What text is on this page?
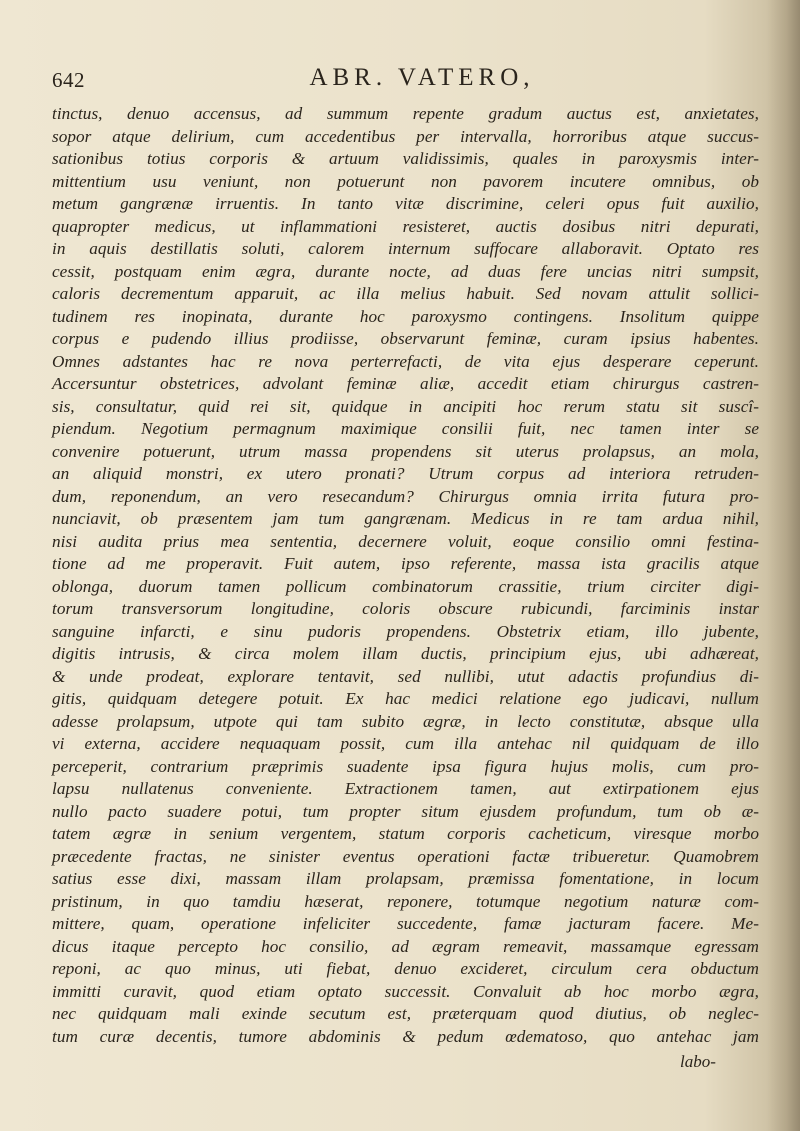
642	ABR. VATERO,
tinctus, denuo accensus, ad summum repente gradum auctus est, anxietates,
sopor atque delirium, cum accedentibus per intervalla, horroribus atque succus-
sationibus totius corporis & artuum validissimis, quales in paroxysmis inter-
mittentium usu veniunt, non potuerunt non pavorem incutere omnibus, ob
metum gangrænæ irruentis. In tanto vitæ discrimine, celeri opus fuit auxilio,
quapropter medicus, ut inflammationi resisteret, auctis dosibus nitri depurati,
in aquis destillatis soluti, calorem internum suffocare allaboravit. Optato res
cessit, postquam enim ægra, durante nocte, ad duas fere uncias nitri sumpsit,
caloris decrementum apparuit, ac illa melius habuit. Sed novam attulit sollici-
tudinem res inopinata, durante hoc paroxysmo contingens. Insolitum quippe
corpus e pudendo illius prodiisse, observarunt feminæ, curam ipsius habentes.
Omnes adstantes hac re nova perterrefacti, de vita ejus desperare ceperunt.
Accersuntur obstetrices, advolant feminæ aliæ, accedit etiam chirurgus castren-
sis, consultatur, quid rei sit, quidque in ancipiti hoc rerum statu sit suscî-
piendum. Negotium permagnum maximique consilii fuit, nec tamen inter se
convenire potuerunt, utrum massa propendens sit uterus prolapsus, an mola,
an aliquid monstri, ex utero pronati? Utrum corpus ad interiora retruden-
dum, reponendum, an vero resecandum? Chirurgus omnia irrita futura pro-
nunciavit, ob præsentem jam tum gangrænam. Medicus in re tam ardua nihil,
nisi audita prius mea sententia, decernere voluit, eoque consilio omni festina-
tione ad me properavit. Fuit autem, ipso referente, massa ista gracilis atque
oblonga, duorum tamen pollicum combinatorum crassitie, trium circiter digi-
torum transversorum longitudine, coloris obscure rubicundi, farciminis instar
sanguine infarcti, e sinu pudoris propendens. Obstetrix etiam, illo jubente,
digitis intrusis, & circa molem illam ductis, principium ejus, ubi adhæreat,
& unde prodeat, explorare tentavit, sed nullibi, utut adactis profundius di-
gitis, quidquam detegere potuit. Ex hac medici relatione ego judicavi, nullum
adesse prolapsum, utpote qui tam subito ægræ, in lecto constitutæ, absque ulla
vi externa, accidere nequaquam possit, cum illa antehac nil quidquam de illo
perceperit, contrarium præprimis suadente ipsa figura hujus molis, cum pro-
lapsu nullatenus conveniente. Extractionem tamen, aut extirpationem ejus
nullo pacto suadere potui, tum propter situm ejusdem profundum, tum ob æ-
tatem ægræ in senium vergentem, statum corporis cacheticum, viresque morbo
præcedente fractas, ne sinister eventus operationi factæ tribueretur. Quamobrem
satius esse dixi, massam illam prolapsam, præmissa fomentatione, in locum
pristinum, in quo tamdiu hæserat, reponere, totumque negotium naturæ com-
mittere, quam, operatione infeliciter succedente, famæ jacturam facere. Me-
dicus itaque percepto hoc consilio, ad ægram remeavit, massamque egressam
reponi, ac quo minus, uti fiebat, denuo excideret, circulum cera obductum
immitti curavit, quod etiam optato successit. Convaluit ab hoc morbo ægra,
nec quidquam mali exinde secutum est, præterquam quod diutius, ob neglec-
tum curæ decentis, tumore abdominis & pedum œdematoso, quo antehac jam
labo-
